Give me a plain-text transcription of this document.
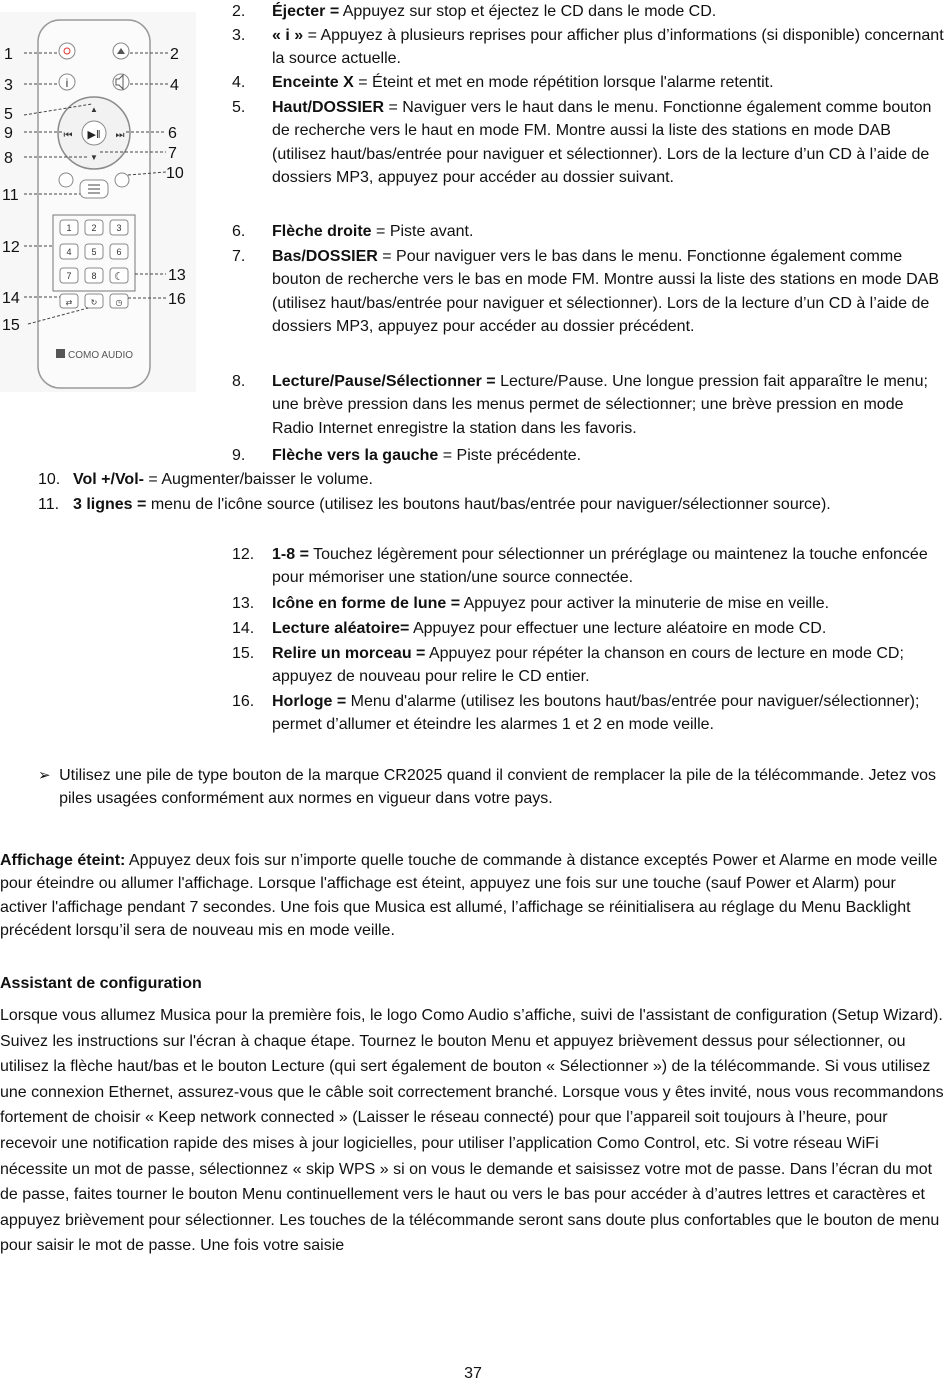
i
▶‖
⏮	⏭
▲
▼
1 2 3
4 5 6
7 8 ☾
⇄ ↻ ◷
COMO AUDIO
1	2
3	4
5
9	6
8	7
10
11
12
13
14	16
15
2.	Éjecter = Appuyez sur stop et éjectez le CD dans le mode CD.
3.	« i » = Appuyez à plusieurs reprises pour afficher plus d’informations (si disponible) concernant la source actuelle.
4.	Enceinte X = Éteint et met en mode répétition lorsque l'alarme retentit.
5.	Haut/DOSSIER = Naviguer vers le haut dans le menu. Fonctionne également comme bouton de recherche vers le haut en mode FM. Montre aussi la liste des stations en mode DAB (utilisez haut/bas/entrée pour naviguer et sélectionner). Lors de la lecture d’un CD à l’aide de dossiers MP3, appuyez pour accéder au dossier suivant.
6.	Flèche droite = Piste avant.
7.	Bas/DOSSIER = Pour naviguer vers le bas dans le menu. Fonctionne également comme bouton de recherche vers le bas en mode FM. Montre aussi la liste des stations en mode DAB (utilisez haut/bas/entrée pour naviguer et sélectionner). Lors de la lecture d’un CD à l’aide de dossiers MP3, appuyez pour accéder au dossier précédent.
8.	Lecture/Pause/Sélectionner = Lecture/Pause. Une longue pression fait apparaître le menu; une brève pression dans les menus permet de sélectionner; une brève pression en mode Radio Internet enregistre la station dans les favoris.
9.	Flèche vers la gauche = Piste précédente.
10. Vol +/Vol- = Augmenter/baisser le volume.
11. 3 lignes = menu de l'icône source (utilisez les boutons haut/bas/entrée pour naviguer/sélectionner source).
12.	1-8 = Touchez légèrement pour sélectionner un préréglage ou maintenez la touche enfoncée pour mémoriser une station/une source connectée.
13.	Icône en forme de lune = Appuyez pour activer la minuterie de mise en veille.
14.	Lecture aléatoire= Appuyez pour effectuer une lecture aléatoire en mode CD.
15.	Relire un morceau = Appuyez pour répéter la chanson en cours de lecture en mode CD; appuyez de nouveau pour relire le CD entier.
16.	Horloge = Menu d'alarme (utilisez les boutons haut/bas/entrée pour naviguer/sélectionner); permet d’allumer et éteindre les alarmes 1 et 2 en mode veille.
➢ Utilisez une pile de type bouton de la marque CR2025 quand il convient de remplacer la pile de la télécommande. Jetez vos piles usagées conformément aux normes en vigueur dans votre pays.
Affichage éteint: Appuyez deux fois sur n’importe quelle touche de commande à distance exceptés Power et Alarme en mode veille pour éteindre ou allumer l'affichage. Lorsque l'affichage est éteint, appuyez une fois sur une touche (sauf Power et Alarm) pour activer l'affichage pendant 7 secondes. Une fois que Musica est allumé, l’affichage se réinitialisera au réglage du Menu Backlight précédent lorsqu’il sera de nouveau mis en mode veille.
Assistant de configuration
Lorsque vous allumez Musica pour la première fois, le logo Como Audio s’affiche, suivi de l'assistant de configuration (Setup Wizard). Suivez les instructions sur l'écran à chaque étape. Tournez le bouton Menu et appuyez brièvement dessus pour sélectionner, ou utilisez la flèche haut/bas et le bouton Lecture (qui sert également de bouton « Sélectionner ») de la télécommande. Si vous utilisez une connexion Ethernet, assurez-vous que le câble soit correctement branché. Lorsque vous y êtes invité, nous vous recommandons fortement de choisir « Keep network connected » (Laisser le réseau connecté) pour que l’appareil soit toujours à l’heure, pour recevoir une notification rapide des mises à jour logicielles, pour utiliser l’application Como Control, etc. Si votre réseau WiFi nécessite un mot de passe, sélectionnez « skip WPS » si on vous le demande et saisissez votre mot de passe. Dans l’écran du mot de passe, faites tourner le bouton Menu continuellement vers le haut ou vers le bas pour accéder à d’autres lettres et caractères et appuyez brièvement pour sélectionner. Les touches de la télécommande seront sans doute plus confortables que le bouton de menu pour saisir le mot de passe. Une fois votre saisie
37
